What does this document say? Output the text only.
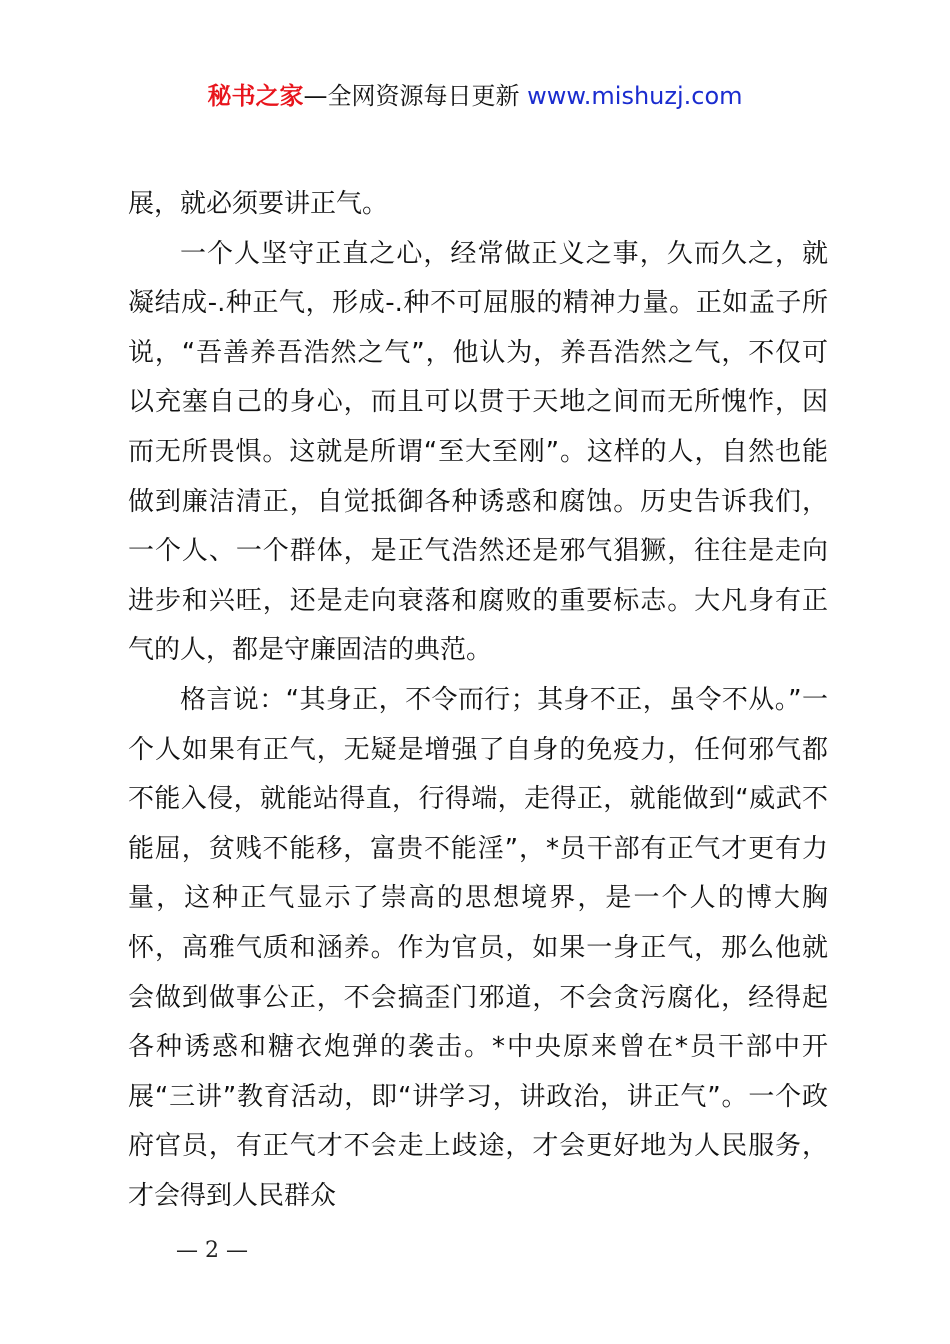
秘书之家—全网资源每日更新 www.mishuzj.com

展，就必须要讲正气。

一个人坚守正直之心，经常做正义之事，久而久之，就凝结成-.种正气，形成-.种不可屈服的精神力量。正如孟子所说，“吾善养吾浩然之气”，他认为，养吾浩然之气，不仅可以充塞自己的身心，而且可以贯于天地之间而无所愧怍，因而无所畏惧。这就是所谓“至大至刚”。这样的人，自然也能做到廉洁清正，自觉抵御各种诱惑和腐蚀。历史告诉我们，一个人、一个群体，是正气浩然还是邪气猖獗，往往是走向进步和兴旺，还是走向衰落和腐败的重要标志。大凡身有正气的人，都是守廉固洁的典范。

格言说：“其身正，不令而行；其身不正，虽令不从。”一个人如果有正气，无疑是增强了自身的免疫力，任何邪气都不能入侵，就能站得直，行得端，走得正，就能做到“威武不能屈，贫贱不能移，富贵不能淫”，*员干部有正气才更有力量，这种正气显示了崇高的思想境界，是一个人的博大胸怀，高雅气质和涵养。作为官员，如果一身正气，那么他就会做到做事公正，不会搞歪门邪道，不会贪污腐化，经得起各种诱惑和糖衣炮弹的袭击。*中央原来曾在*员干部中开展“三讲”教育活动，即“讲学习，讲政治，讲正气”。一个政府官员，有正气才不会走上歧途，才会更好地为人民服务，才会得到人民群众

— 2 —
